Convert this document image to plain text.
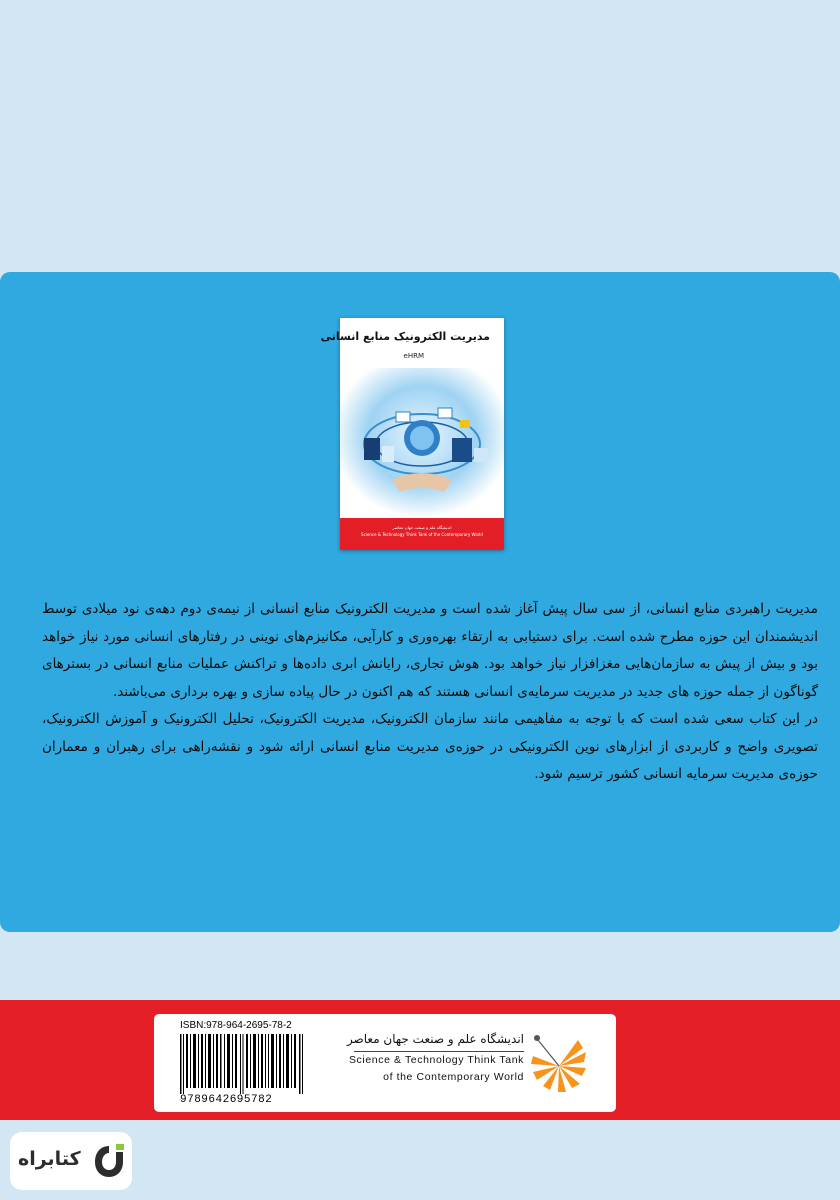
مدیریت الکترونیک منابع انسانی
eHRM
اندیشگاه علم و صنعت جهان معاصر
Science & Technology Think Tank of the Contemporary World

مدیریت راهبردی منابع انسانی، از سی سال پیش آغاز شده است و مدیریت الکترونیک منابع انسانی از نیمه‌ی دوم دهه‌ی نود میلادی توسط اندیشمندان این حوزه مطرح شده است. برای دستیابی به ارتقاء بهره‌وری و کارآیی، مکانیزم‌های نوینی در رفتارهای انسانی مورد نیاز خواهد بود و بیش از پیش به سازمان‌هایی مغزافزار نیاز خواهد بود. هوش تجاری، رایانش ابری داده‌ها و تراکنش عملیات منابع انسانی در بسترهای گوناگون از جمله حوزه های جدید در مدیریت سرمایه‌ی انسانی هستند که هم اکنون در حال پیاده سازی و بهره برداری می‌باشند.

در این کتاب سعی شده است که با توجه به مفاهیمی مانند سازمان الکترونیک، مدیریت الکترونیک، تحلیل الکترونیک و آموزش الکترونیک، تصویری واضح و کاربردی از ابزارهای نوین الکترونیکی در حوزه‌ی مدیریت منابع انسانی ارائه شود و نقشه‌راهی برای رهبران و معماران حوزه‌ی مدیریت سرمایه انسانی کشور ترسیم شود.

ISBN:978-964-2695-78-2
9789642695782
اندیشگاه علم و صنعت جهان معاصر
Science & Technology Think Tank
of the Contemporary World
کتابراه
